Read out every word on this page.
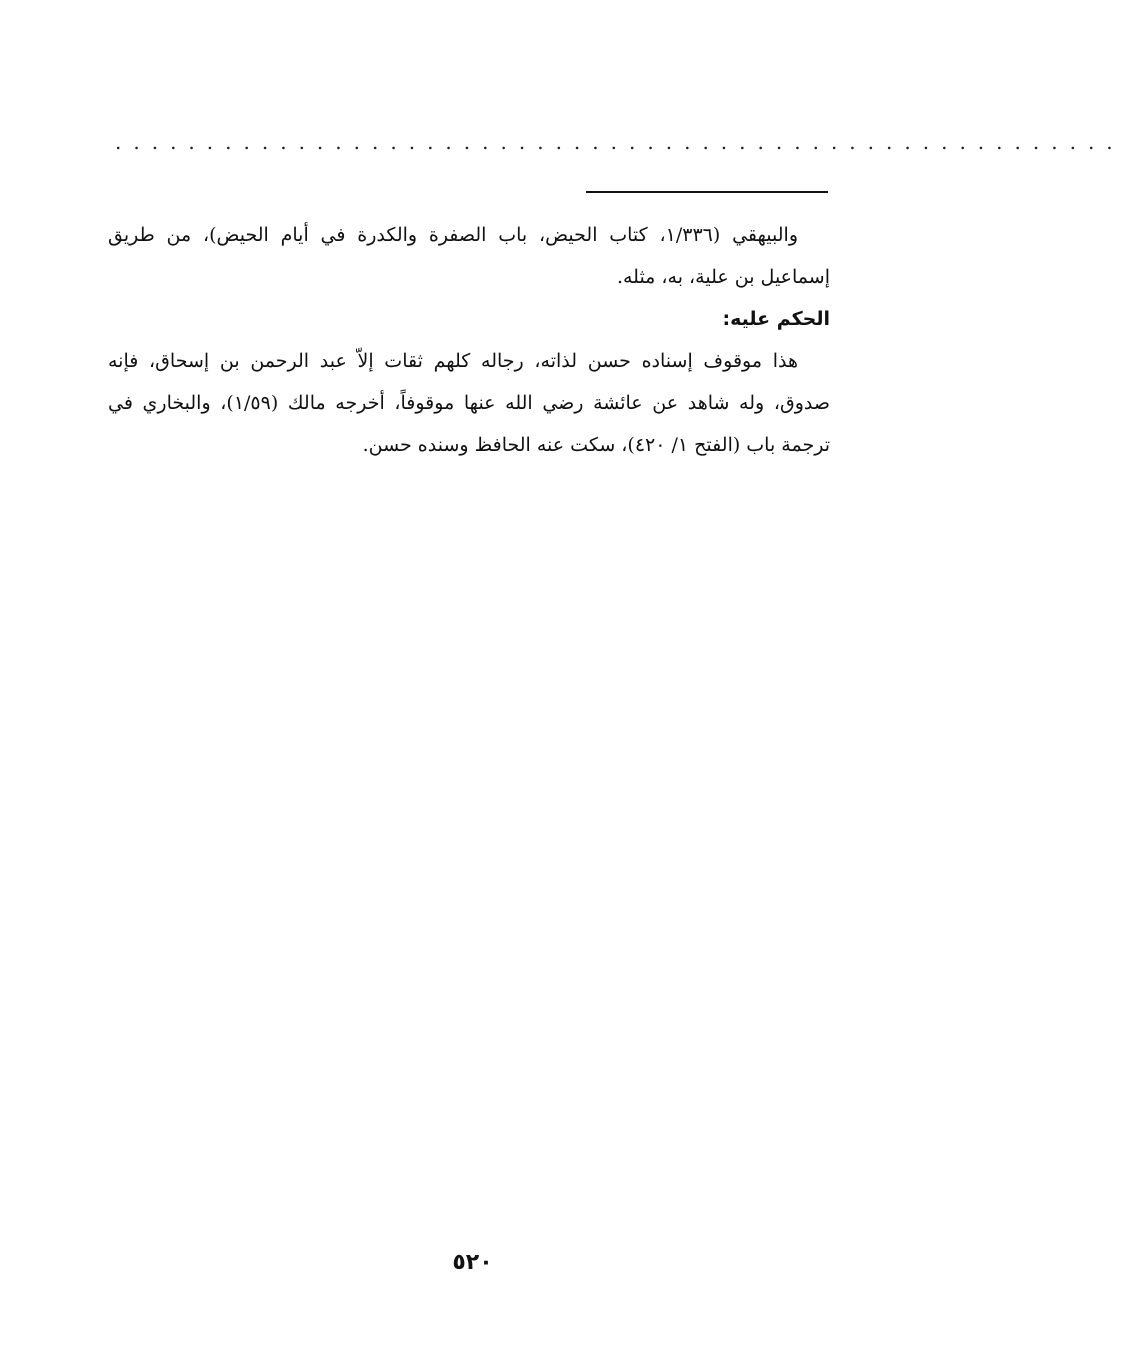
.......................................................

والبيهقي (١/٣٣٦، كتاب الحيض، باب الصفرة والكدرة في أيام الحيض)، من طريق إسماعيل بن علية، به، مثله.

الحكم عليه:

هذا موقوف إسناده حسن لذاته، رجاله كلهم ثقات إلاّ عبد الرحمن بن إسحاق، فإنه صدوق، وله شاهد عن عائشة رضي الله عنها موقوفاً، أخرجه مالك (١/٥٩)، والبخاري في ترجمة باب (الفتح ١/ ٤٢٠)، سكت عنه الحافظ وسنده حسن.

٥٢٠
